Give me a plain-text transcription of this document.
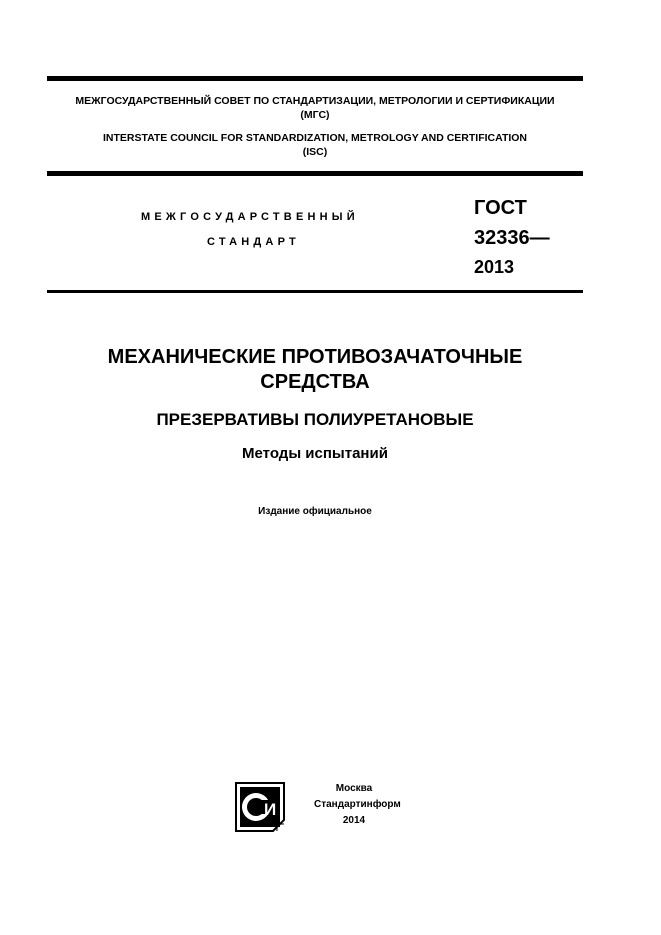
МЕЖГОСУДАРСТВЕННЫЙ СОВЕТ ПО СТАНДАРТИЗАЦИИ, МЕТРОЛОГИИ И СЕРТИФИКАЦИИ

(МГС)

INTERSTATE COUNCIL FOR STANDARDIZATION, METROLOGY AND CERTIFICATION

(ISC)

МЕЖГОСУДАРСТВЕННЫЙ

СТАНДАРТ

ГОСТ

32336—

2013

МЕХАНИЧЕСКИЕ ПРОТИВОЗАЧАТОЧНЫЕ

СРЕДСТВА

ПРЕЗЕРВАТИВЫ ПОЛИУРЕТАНОВЫЕ

Методы испытаний

Издание официальное

И

Москва

Стандартинформ

2014
